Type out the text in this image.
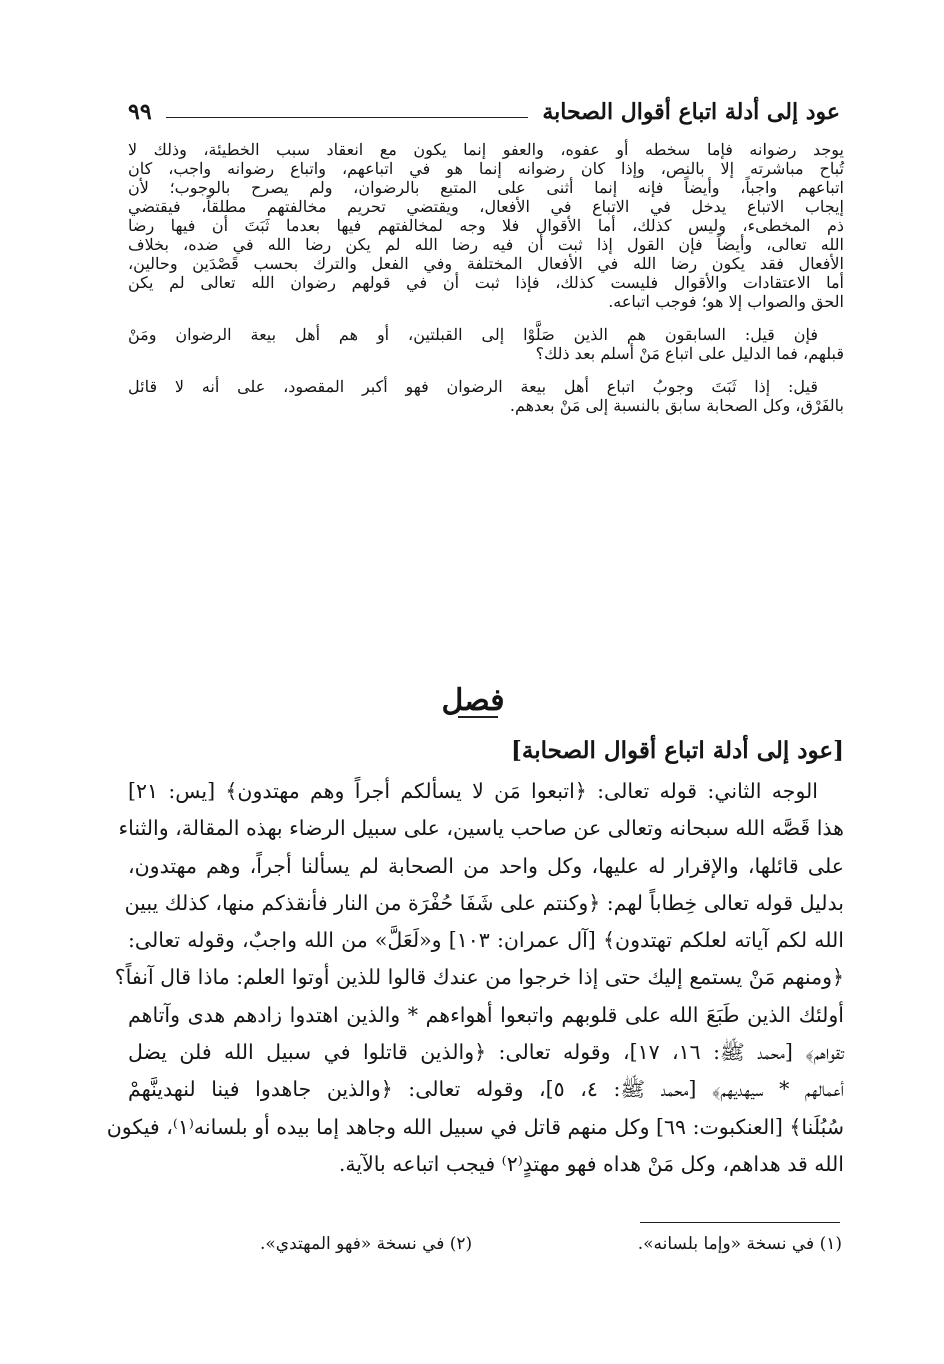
عود إلى أدلة اتباع أقوال الصحابة
٩٩
يوجد رضوانه فإما سخطه أو عفوه، والعفو إنما يكون مع انعقاد سبب الخطيئة، وذلك لا
تُباح مباشرته إلا بالنص، وإذا كان رضوانه إنما هو في اتباعهم، واتباع رضوانه واجب، كان
اتباعهم واجباً، وأيضاً فإنه إنما أثنى على المتبع بالرضوان، ولم يصرح بالوجوب؛ لأن
إيجاب الاتباع يدخل في الاتباع في الأفعال، ويقتضي تحريم مخالفتهم مطلقاً، فيقتضي
ذم المخطىء، وليس كذلك، أما الأقوال فلا وجه لمخالفتهم فيها بعدما ثَبَتَ أن فيها رضا
الله تعالى، وأيضاً فإن القول إذا ثبت أن فيه رضا الله لم يكن رضا الله في ضده، بخلاف
الأفعال فقد يكون رضا الله في الأفعال المختلفة وفي الفعل والترك بحسب قَصْدَين وحالين،
أما الاعتقادات والأقوال فليست كذلك، فإذا ثبت أن في قولهم رضوان الله تعالى لم يكن
الحق والصواب إلا هو؛ فوجب اتباعه.
فإن قيل: السابقون هم الذين صَلَّوْا إلى القبلتين، أو هم أهل بيعة الرضوان ومَنْ
قبلهم، فما الدليل على اتباع مَنْ أسلم بعد ذلك؟
قيل: إذا ثَبَتَ وجوبُ اتباع أهل بيعة الرضوان فهو أكبر المقصود، على أنه لا قائل
بالفَرْق، وكل الصحابة سابق بالنسبة إلى مَنْ بعدهم.
فصل
[عود إلى أدلة اتباع أقوال الصحابة]
الوجه الثاني: قوله تعالى: ﴿اتبعوا مَن لا يسألكم أجراً وهم مهتدون﴾ [يس: ٢١]
هذا قَصَّه الله سبحانه وتعالى عن صاحب ياسين، على سبيل الرضاء بهذه المقالة، والثناء
على قائلها، والإقرار له عليها، وكل واحد من الصحابة لم يسألنا أجراً، وهم مهتدون،
بدليل قوله تعالى خِطاباً لهم: ﴿وكنتم على شَفَا حُفْرَة من النار فأنقذكم منها، كذلك يبين
الله لكم آياته لعلكم تهتدون﴾ [آل عمران: ١٠٣] و«لَعَلَّ» من الله واجبٌ، وقوله تعالى:
﴿ومنهم مَنْ يستمع إليك حتى إذا خرجوا من عندك قالوا للذين أوتوا العلم: ماذا قال آنفاً؟
أولئك الذين طَبَعَ الله على قلوبهم واتبعوا أهواءهم * والذين اهتدوا زادهم هدى وآتاهم
تقواهم﴾ [محمد ﷺ: ١٦، ١٧]، وقوله تعالى: ﴿والذين قاتلوا في سبيل الله فلن يضل
أعمالهم * سيهديهم﴾ [محمد ﷺ: ٤، ٥]، وقوله تعالى: ﴿والذين جاهدوا فينا لنهدينَّهمْ
سُبُلَنا﴾ [العنكبوت: ٦٩] وكل منهم قاتل في سبيل الله وجاهد إما بيده أو بلسانه⁽١⁾، فيكون
الله قد هداهم، وكل مَنْ هداه فهو مهتدٍ⁽٢⁾ فيجب اتباعه بالآية.
(١) في نسخة «وإما بلسانه».
(٢) في نسخة «فهو المهتدي».
